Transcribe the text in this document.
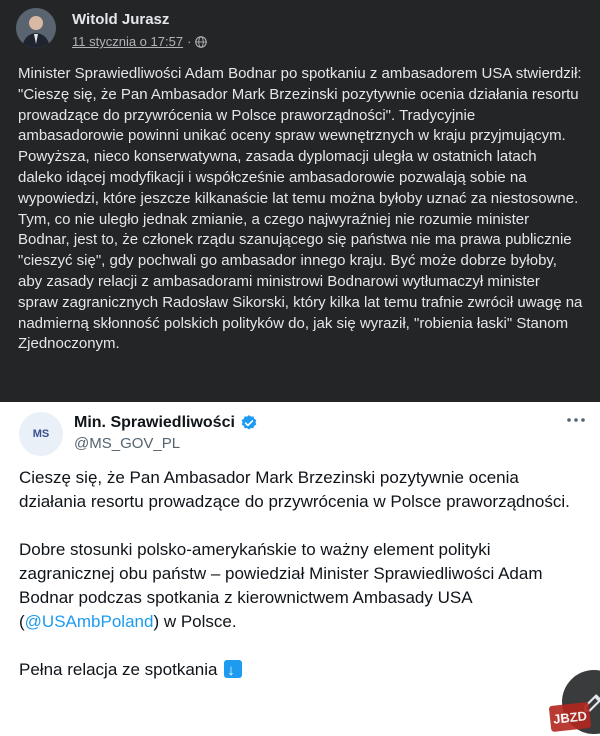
Witold Jurasz
11 stycznia o 17:57 ·
Minister Sprawiedliwości Adam Bodnar po spotkaniu z ambasadorem USA stwierdził: "Cieszę się, że Pan Ambasador Mark Brzezinski pozytywnie ocenia działania resortu prowadzące do przywrócenia w Polsce praworządności". Tradycyjnie ambasadorowie powinni unikać oceny spraw wewnętrznych w kraju przyjmującym. Powyższa, nieco konserwatywna, zasada dyplomacji uległa w ostatnich latach daleko idącej modyfikacji i współcześnie ambasadorowie pozwalają sobie na wypowiedzi, które jeszcze kilkanaście lat temu można byłoby uznać za niestosowne. Tym, co nie uległo jednak zmianie, a czego najwyraźniej nie rozumie minister Bodnar, jest to, że członek rządu szanującego się państwa nie ma prawa publicznie "cieszyć się", gdy pochwali go ambasador innego kraju. Być może dobrze byłoby, aby zasady relacji z ambasadorami ministrowi Bodnarowi wytłumaczył minister spraw zagranicznych Radosław Sikorski, który kilka lat temu trafnie zwrócił uwagę na nadmierną skłonność polskich polityków do, jak się wyraził, "robienia łaski" Stanom Zjednoczonym.
MS
Min. Sprawiedliwości
@MS_GOV_PL

Cieszę się, że Pan Ambasador Mark Brzezinski pozytywnie ocenia działania resortu prowadzące do przywrócenia w Polsce praworządności.

Dobre stosunki polsko-amerykańskie to ważny element polityki zagranicznej obu państw – powiedział Minister Sprawiedliwości Adam Bodnar podczas spotkania z kierownictwem Ambasady USA (@USAmbPoland) w Polsce.

Pełna relacja ze spotkania ↓

JBZD
